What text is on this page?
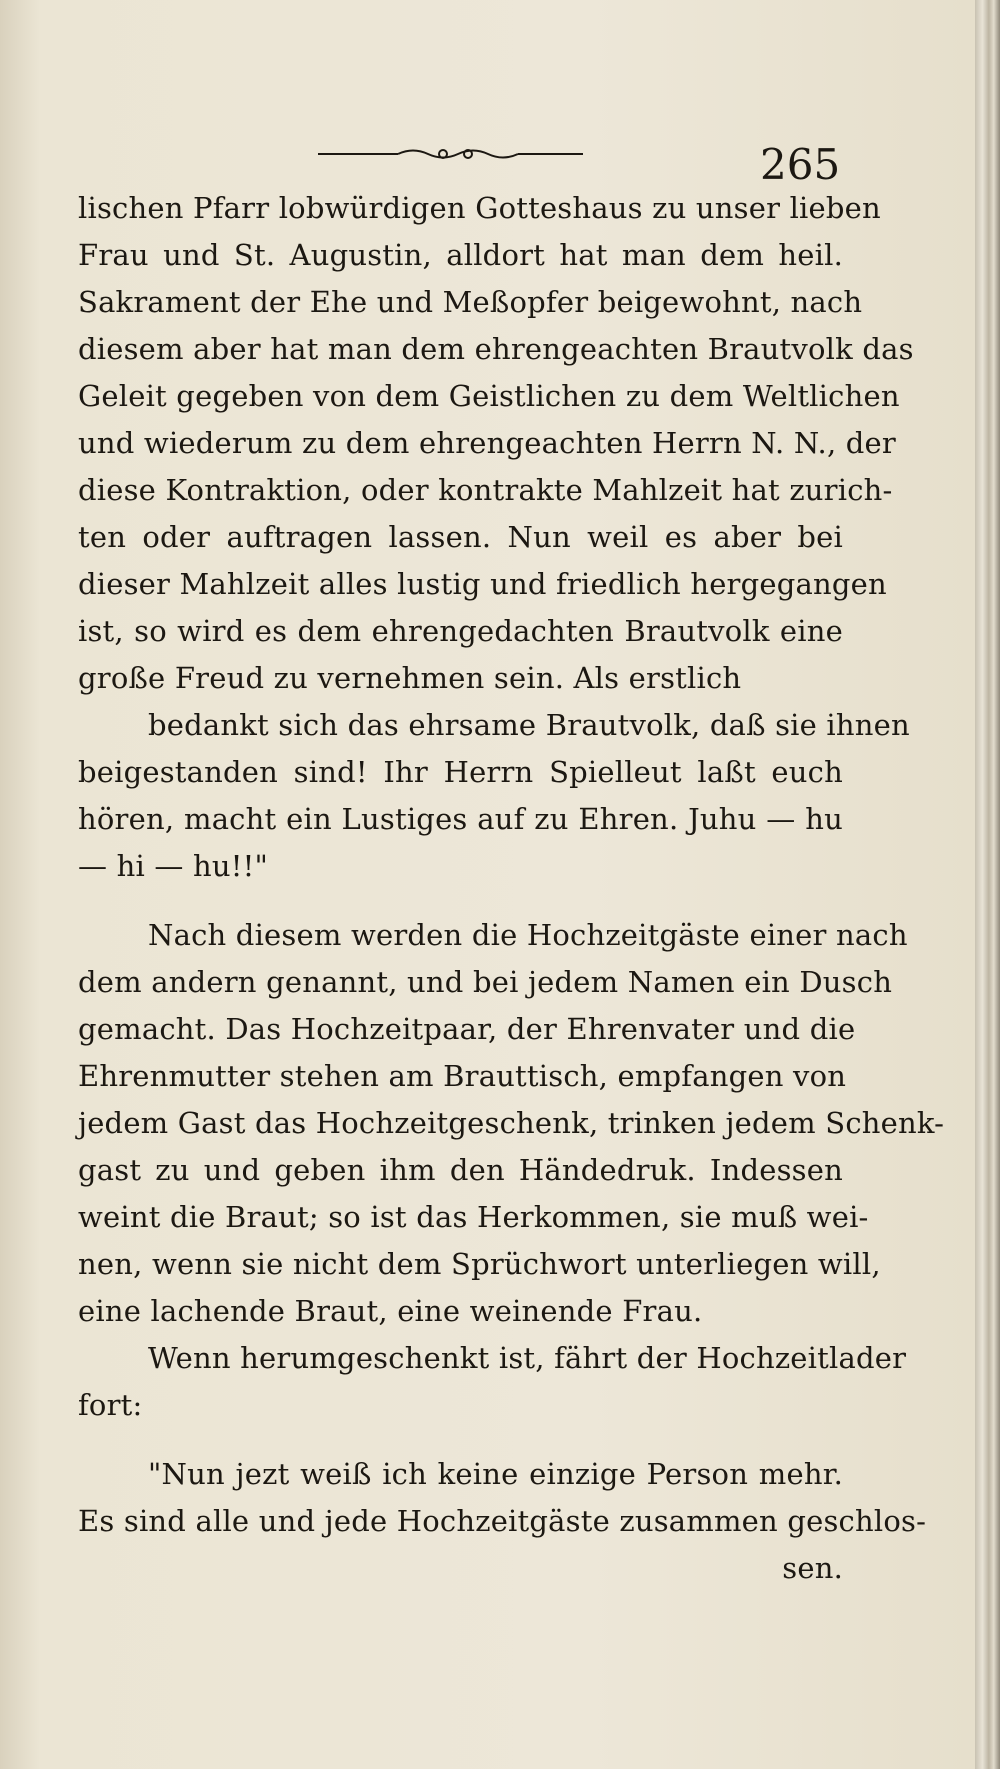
265
lischen Pfarr lobwürdigen Gotteshaus zu unser lieben
Frau und St. Augustin, alldort hat man dem heil.
Sakrament der Ehe und Meßopfer beigewohnt, nach
diesem aber hat man dem ehrengeachten Brautvolk das
Geleit gegeben von dem Geistlichen zu dem Weltlichen
und wiederum zu dem ehrengeachten Herrn N. N., der
diese Kontraktion, oder kontrakte Mahlzeit hat zurich-
ten oder auftragen lassen. Nun weil es aber bei
dieser Mahlzeit alles lustig und friedlich hergegangen
ist, so wird es dem ehrengedachten Brautvolk eine
große Freud zu vernehmen sein. Als erstlich
bedankt sich das ehrsame Brautvolk, daß sie ihnen
beigestanden sind! Ihr Herrn Spielleut laßt euch
hören, macht ein Lustiges auf zu Ehren. Juhu — hu
— hi — hu!!"
Nach diesem werden die Hochzeitgäste einer nach
dem andern genannt, und bei jedem Namen ein Dusch
gemacht. Das Hochzeitpaar, der Ehrenvater und die
Ehrenmutter stehen am Brauttisch, empfangen von
jedem Gast das Hochzeitgeschenk, trinken jedem Schenk-
gast zu und geben ihm den Händedruk. Indessen
weint die Braut; so ist das Herkommen, sie muß wei-
nen, wenn sie nicht dem Sprüchwort unterliegen will,
eine lachende Braut, eine weinende Frau.
Wenn herumgeschenkt ist, fährt der Hochzeitlader
fort:
"Nun jezt weiß ich keine einzige Person mehr.
Es sind alle und jede Hochzeitgäste zusammen geschlos-
sen.
